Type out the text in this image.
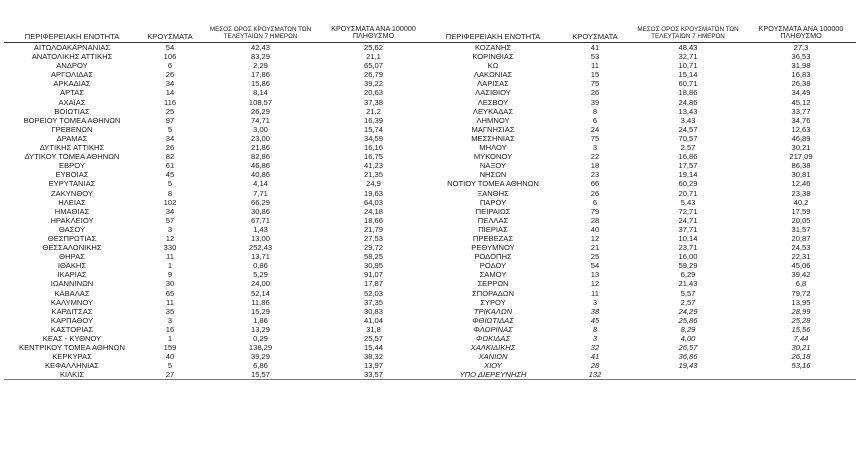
ΠΕΡΙΦΕΡΕΙΑΚΗ ΕΝΟΤΗΤΑ	ΚΡΟΥΣΜΑΤΑ	ΜΕΣΟΣ ΟΡΟΣ ΚΡΟΥΣΜΑΤΩΝ ΤΩΝ ΤΕΛΕΥΤΑΙΩΝ 7 ΗΜΕΡΩΝ	ΚΡΟΥΣΜΑΤΑ ΑΝΑ 100000 ΠΛΗΘΥΣΜΟ	ΠΕΡΙΦΕΡΕΙΑΚΗ ΕΝΟΤΗΤΑ	ΚΡΟΥΣΜΑΤΑ	ΜΕΣΟΣ ΟΡΟΣ ΚΡΟΥΣΜΑΤΩΝ ΤΩΝ ΤΕΛΕΥΤΑΙΩΝ 7 ΗΜΕΡΩΝ	ΚΡΟΥΣΜΑΤΑ ΑΝΑ 100000 ΠΛΗΘΥΣΜΟ
ΑΙΤΩΛΟΑΚΑΡΝΑΝΙΑΣ	54	42,43	25,62	ΚΟΖΑΝΗΣ	41	48,43	27,3
ΑΝΑΤΟΛΙΚΗΣ ΑΤΤΙΚΗΣ	106	83,29	21,1	ΚΟΡΙΝΘΙΑΣ	53	32,71	36,53
ΑΝΔΡΟΥ	6	2,29	65,07	ΚΩ	11	10,71	31,98
ΑΡΓΟΛΙΔΑΣ	26	17,86	26,79	ΛΑΚΩΝΙΑΣ	15	15,14	16,83
ΑΡΚΑΔΙΑΣ	34	15,86	39,22	ΛΑΡΙΣΑΣ	75	60,71	26,38
ΑΡΤΑΣ	14	8,14	20,63	ΛΑΣΙΘΙΟΥ	26	18,86	34,49
ΑΧΑΪΑΣ	116	108,57	37,38	ΛΕΣΒΟΥ	39	24,86	45,12
ΒΟΙΩΤΙΑΣ	25	26,29	21,2	ΛΕΥΚΑΔΑΣ	8	13,43	33,77
ΒΟΡΕΙΟΥ ΤΟΜΕΑ ΑΘΗΝΩΝ	97	74,71	16,39	ΛΗΜΝΟΥ	6	3,43	34,76
ΓΡΕΒΕΝΩΝ	5	3,00	15,74	ΜΑΓΝΗΣΙΑΣ	24	24,57	12,63
ΔΡΑΜΑΣ	34	23,00	34,59	ΜΕΣΣΗΝΙΑΣ	75	70,57	46,89
ΔΥΤΙΚΗΣ ΑΤΤΙΚΗΣ	26	21,86	16,16	ΜΗΛΟΥ	3	2,57	30,21
ΔΥΤΙΚΟΥ ΤΟΜΕΑ ΑΘΗΝΩΝ	82	82,86	16,75	ΜΥΚΟΝΟΥ	22	16,86	217,09
ΕΒΡΟΥ	61	46,86	41,23	ΝΑΞΟΥ	18	17,57	86,38
ΕΥΒΟΙΑΣ	45	40,86	21,35	ΝΗΣΩΝ	23	19,14	30,81
ΕΥΡΥΤΑΝΙΑΣ	5	4,14	24,9	ΝΟΤΙΟΥ ΤΟΜΕΑ ΑΘΗΝΩΝ	66	60,29	12,46
ΖΑΚΥΝΘΟΥ	8	7,71	19,63	ΞΑΝΘΗΣ	26	20,71	23,38
ΗΛΕΙΑΣ	102	66,29	64,03	ΠΑΡΟΥ	6	5,43	40,2
ΗΜΑΘΙΑΣ	34	30,86	24,18	ΠΕΙΡΑΙΩΣ	79	72,71	17,59
ΗΡΑΚΛΕΙΟΥ	57	67,71	18,66	ΠΕΛΛΑΣ	28	24,71	20,05
ΘΑΣΟΥ	3	1,43	21,79	ΠΙΕΡΙΑΣ	40	37,71	31,57
ΘΕΣΠΡΩΤΙΑΣ	12	13,00	27,53	ΠΡΕΒΕΖΑΣ	12	10,14	20,87
ΘΕΣΣΑΛΟΝΙΚΗΣ	330	252,43	29,72	ΡΕΘΥΜΝΟΥ	21	23,71	24,53
ΘΗΡΑΣ	11	13,71	58,25	ΡΟΔΟΠΗΣ	25	16,00	22,31
ΙΘΑΚΗΣ	1	0,86	30,95	ΡΟΔΟΥ	54	59,29	45,06
ΙΚΑΡΙΑΣ	9	5,29	91,07	ΣΑΜΟΥ	13	6,29	39,42
ΙΩΑΝΝΙΝΩΝ	30	24,00	17,87	ΣΕΡΡΩΝ	12	21,43	6,8
ΚΑΒΑΛΑΣ	65	52,14	52,03	ΣΠΟΡΑΔΩΝ	11	5,57	79,72
ΚΑΛΥΜΝΟΥ	11	11,86	37,35	ΣΥΡΟΥ	3	2,57	13,95
ΚΑΡΔΙΤΣΑΣ	35	15,29	30,83	ΤΡΙΚΑΛΩΝ	38	24,29	28,99
ΚΑΡΠΑΘΟΥ	3	1,86	41,04	ΦΘΙΩΤΙΔΑΣ	45	25,86	25,28
ΚΑΣΤΟΡΙΑΣ	16	13,29	31,8	ΦΛΩΡΙΝΑΣ	8	8,29	15,56
ΚΕΑΣ - ΚΥΘΝΟΥ	1	0,29	25,57	ΦΩΚΙΔΑΣ	3	4,00	7,44
ΚΕΝΤΡΙΚΟΥ ΤΟΜΕΑ ΑΘΗΝΩΝ	159	138,29	15,44	ΧΑΛΚΙΔΙΚΗΣ	32	26,57	30,21
ΚΕΡΚΥΡΑΣ	40	39,29	38,32	ΧΑΝΙΩΝ	41	36,86	26,18
ΚΕΦΑΛΛΗΝΙΑΣ	5	6,86	13,97	ΧΙΟΥ	28	19,43	53,16
ΚΙΛΚΙΣ	27	15,57	33,57	ΥΠΟ ΔΙΕΡΕΥΝΗΣΗ	132		
